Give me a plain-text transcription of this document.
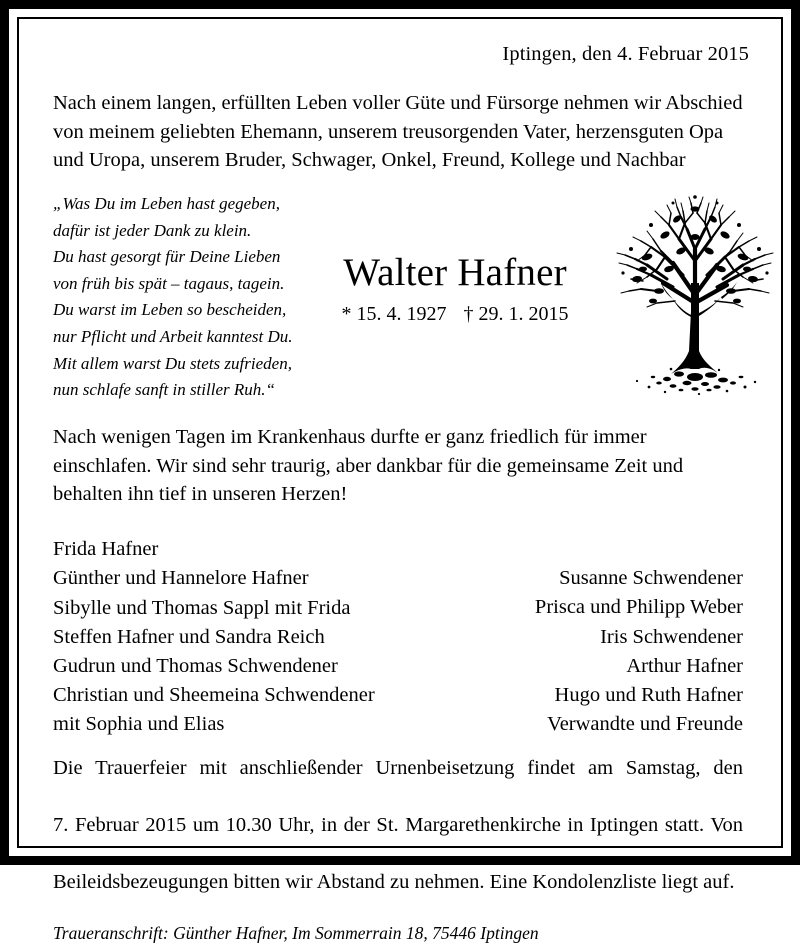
Iptingen, den 4. Februar 2015
Nach einem langen, erfüllten Leben voller Güte und Fürsorge nehmen wir Abschied von meinem geliebten Ehemann, unserem treusorgenden Vater, herzensguten Opa und Uropa, unserem Bruder, Schwager, Onkel, Freund, Kollege und Nachbar
„Was Du im Leben hast gegeben,
dafür ist jeder Dank zu klein.
Du hast gesorgt für Deine Lieben
von früh bis spät – tagaus, tagein.
Du warst im Leben so bescheiden,
nur Pflicht und Arbeit kanntest Du.
Mit allem warst Du stets zufrieden,
nun schlafe sanft in stiller Ruh.“
Walter Hafner
* 15. 4. 1927 † 29. 1. 2015
Nach wenigen Tagen im Krankenhaus durfte er ganz friedlich für immer einschlafen. Wir sind sehr traurig, aber dankbar für die gemeinsame Zeit und behalten ihn tief in unseren Herzen!
Frida Hafner
Günther und Hannelore Hafner
Sibylle und Thomas Sappl mit Frida
Steffen Hafner und Sandra Reich
Gudrun und Thomas Schwendener
Christian und Sheemeina Schwendener
mit Sophia und Elias
Susanne Schwendener
Prisca und Philipp Weber
Iris Schwendener
Arthur Hafner
Hugo und Ruth Hafner
Verwandte und Freunde
Die Trauerfeier mit anschließender Urnenbeisetzung findet am Samstag, den
7. Februar 2015 um 10.30 Uhr, in der St. Margarethenkirche in Iptingen statt. Von
Beileidsbezeugungen bitten wir Abstand zu nehmen. Eine Kondolenzliste liegt auf.
Traueranschrift: Günther Hafner, Im Sommerrain 18, 75446 Iptingen
